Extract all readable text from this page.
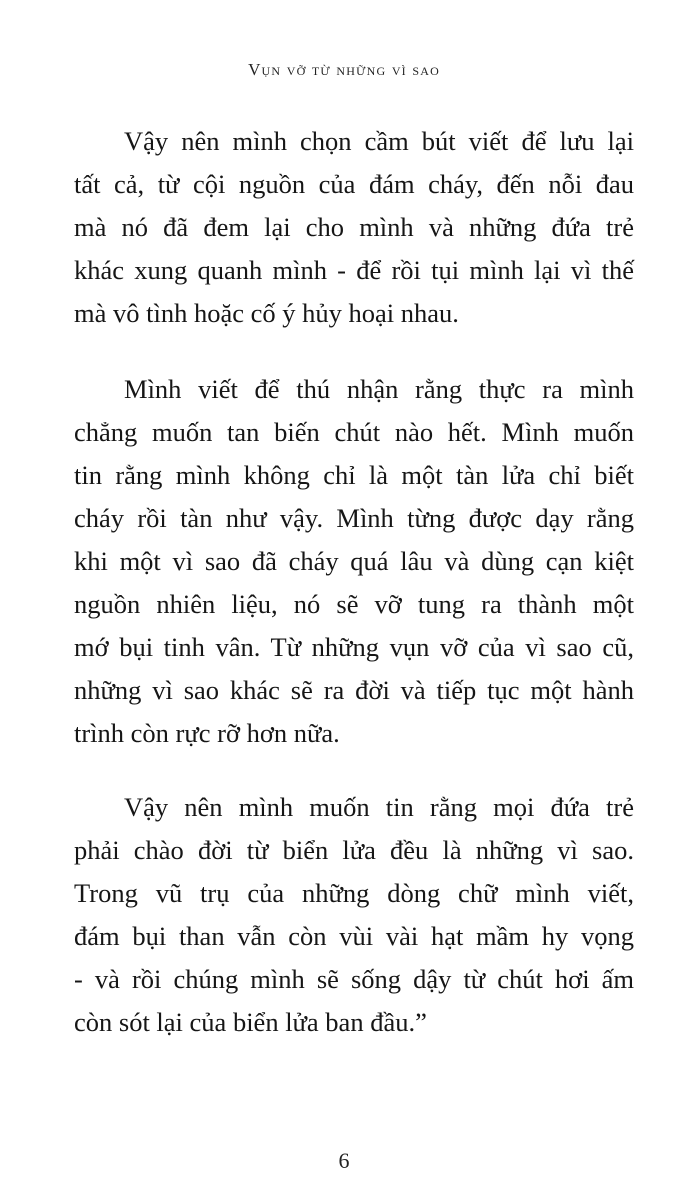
Vụn vỡ từ những vì sao
Vậy nên mình chọn cầm bút viết để lưu lại
tất cả, từ cội nguồn của đám cháy, đến nỗi đau
mà nó đã đem lại cho mình và những đứa trẻ
khác xung quanh mình - để rồi tụi mình lại vì thế
mà vô tình hoặc cố ý hủy hoại nhau.
Mình viết để thú nhận rằng thực ra mình
chẳng muốn tan biến chút nào hết. Mình muốn
tin rằng mình không chỉ là một tàn lửa chỉ biết
cháy rồi tàn như vậy. Mình từng được dạy rằng
khi một vì sao đã cháy quá lâu và dùng cạn kiệt
nguồn nhiên liệu, nó sẽ vỡ tung ra thành một
mớ bụi tinh vân. Từ những vụn vỡ của vì sao cũ,
những vì sao khác sẽ ra đời và tiếp tục một hành
trình còn rực rỡ hơn nữa.
Vậy nên mình muốn tin rằng mọi đứa trẻ
phải chào đời từ biển lửa đều là những vì sao.
Trong vũ trụ của những dòng chữ mình viết,
đám bụi than vẫn còn vùi vài hạt mầm hy vọng
- và rồi chúng mình sẽ sống dậy từ chút hơi ấm
còn sót lại của biển lửa ban đầu.”
6
